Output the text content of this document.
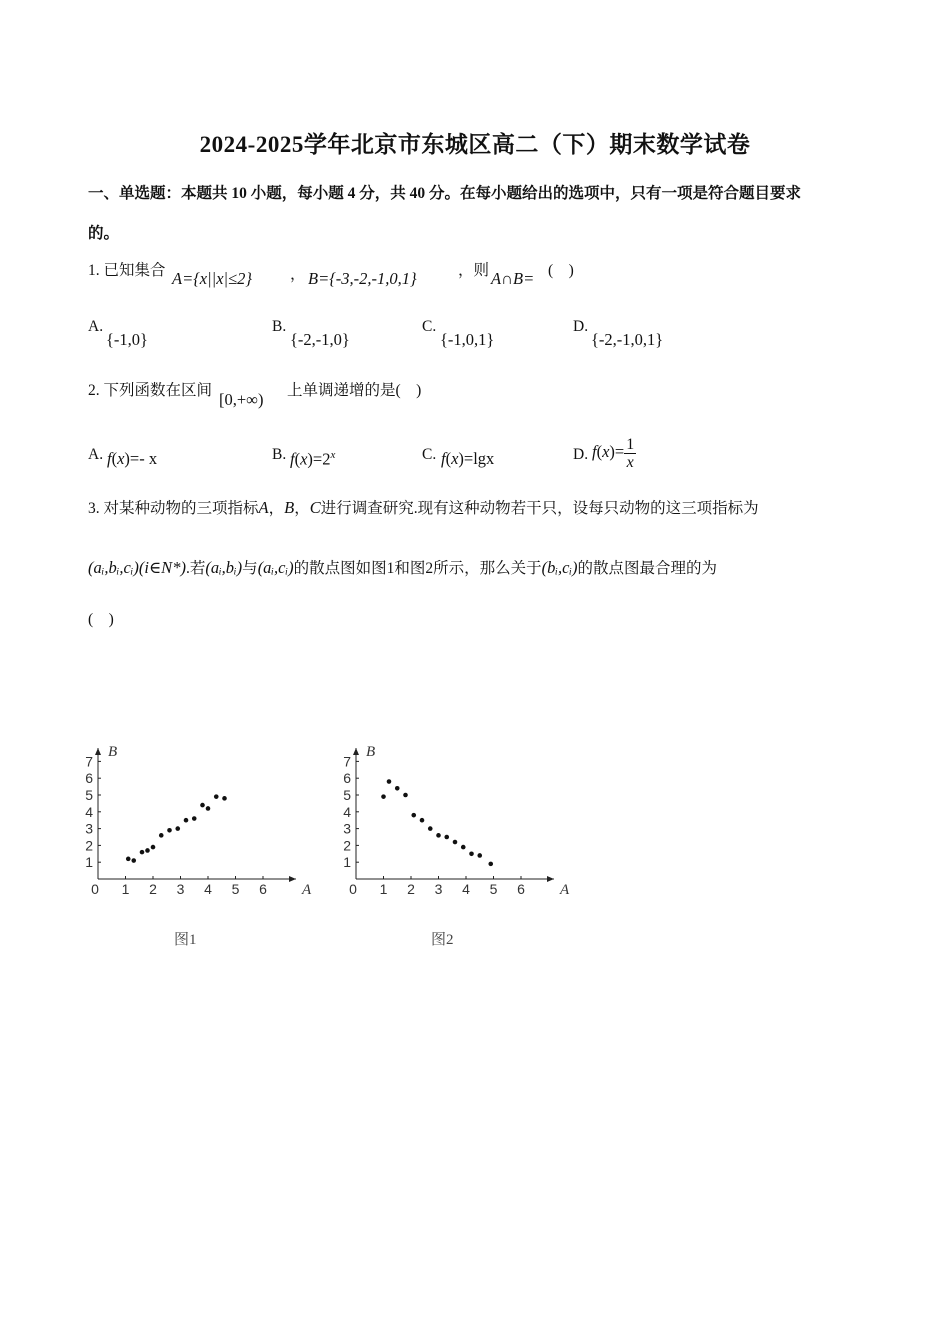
2024-2025学年北京市东城区高二（下）期末数学试卷
一、单选题：本题共 10 小题，每小题 4 分，共 40 分。在每小题给出的选项中，只有一项是符合题目要求
的。
1. 已知集合 A={x||x|≤2} ， B={-3,-2,-1,0,1}	，则 A∩B= (　)
A.
{-1,0}
B.
{-2,-1,0}
C.
{-1,0,1}
D.
{-2,-1,0,1}
2. 下列函数在区间 [0,+∞) 上单调递增的是(　)
A. f(x)=- x	B. $f(x)=2^x$	C. f(x)=lgx	D. $f(x)= \frac{1}{x}$
3. 对某种动物的三项指标A，B，C进行调查研究.现有这种动物若干只，设每只动物的这三项指标为
(aᵢ,bᵢ,cᵢ)(i∈N*).若(aᵢ,bᵢ)与(aᵢ,cᵢ)的散点图如图1和图2所示，那么关于(bᵢ,cᵢ)的散点图最合理的为
(　)
0 1 2 3 4 5 6
1
2
3
4
5
6
7
A
B
图1
0 1 2 3 4 5 6
1
2
3
4
5
6
7
A
B
图2
